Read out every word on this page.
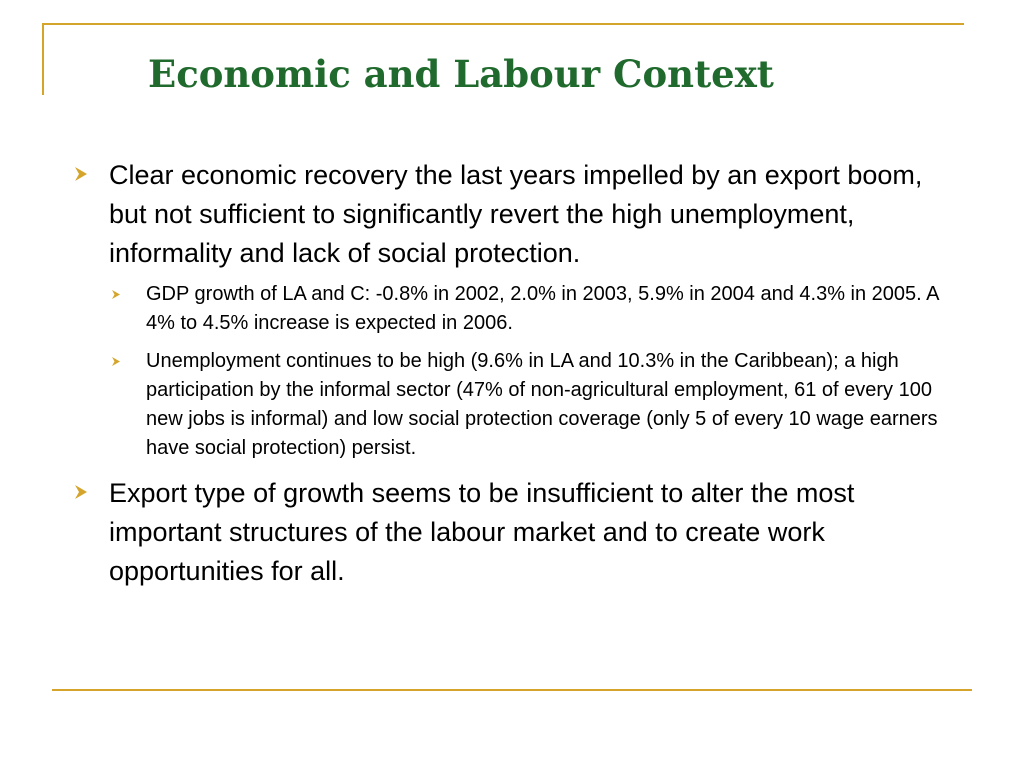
Economic and Labour Context

Clear economic recovery the last years impelled by an export boom, but not sufficient to significantly revert the high unemployment, informality and lack of social protection.

GDP growth of LA and C: -0.8% in 2002, 2.0% in 2003, 5.9% in 2004 and 4.3% in 2005. A 4% to 4.5% increase is expected in 2006.

Unemployment continues to be high (9.6% in LA and 10.3% in the Caribbean); a high participation by the informal sector (47% of non-agricultural employment, 61 of every 100 new jobs is informal) and low social protection coverage (only 5 of every 10 wage earners have social protection) persist.

Export type of growth seems to be insufficient to alter the most important structures of the labour market and to create work opportunities for all.
